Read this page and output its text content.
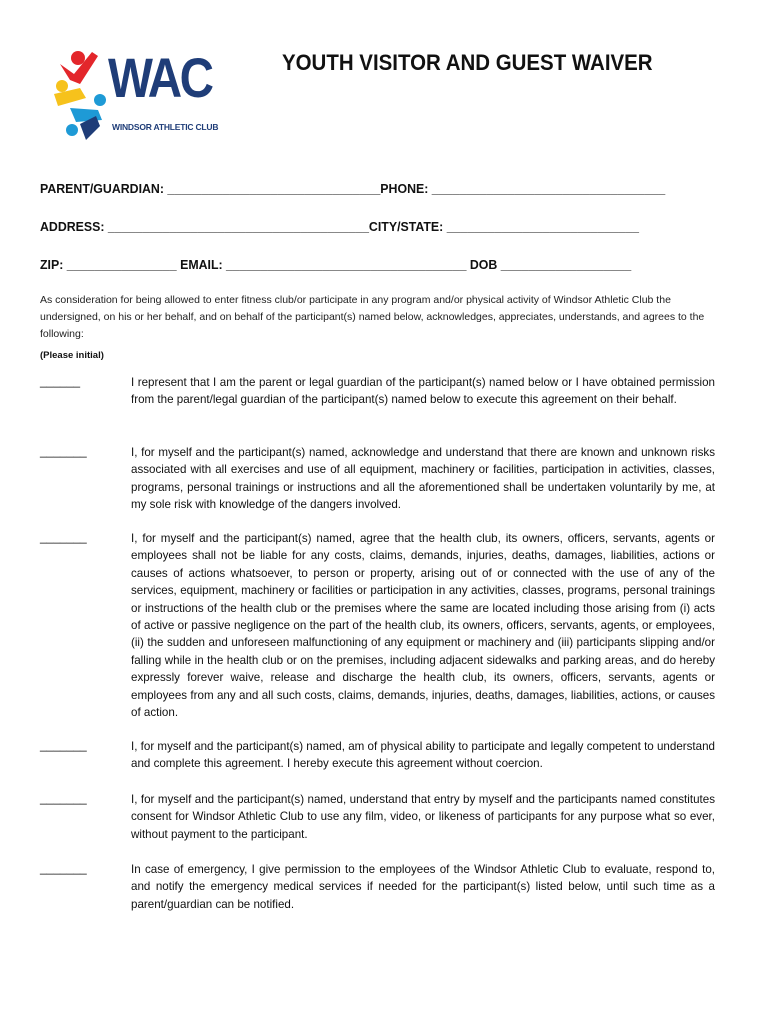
WAC
WINDSOR ATHLETIC CLUB
YOUTH VISITOR AND GUEST WAIVER
PARENT/GUARDIAN: _______________________________PHONE: __________________________________
ADDRESS: ______________________________________CITY/STATE: ____________________________
ZIP: ________________ EMAIL: ___________________________________ DOB ___________________
As consideration for being allowed to enter fitness club/or participate in any program and/or physical activity of Windsor Athletic Club the undersigned, on his or her behalf, and on behalf of the participant(s) named below, acknowledges, appreciates, understands, and agrees to the following:
(Please initial)
______	I represent that I am the parent or legal guardian of the participant(s) named below or I have obtained permission from the parent/legal guardian of the participant(s) named below to execute this agreement on their behalf.
_______	I, for myself and the participant(s) named, acknowledge and understand that there are known and unknown risks associated with all exercises and use of all equipment, machinery or facilities, participation in activities, classes, programs, personal trainings or instructions and all the aforementioned shall be undertaken voluntarily by me, at my sole risk with knowledge of the dangers involved.
_______	I, for myself and the participant(s) named, agree that the health club, its owners, officers, servants, agents or employees shall not be liable for any costs, claims, demands, injuries, deaths, damages, liabilities, actions or causes of actions whatsoever, to person or property, arising out of or connected with the use of any of the services, equipment, machinery or facilities or participation in any activities, classes, programs, personal trainings or instructions of the health club or the premises where the same are located including those arising from (i) acts of active or passive negligence on the part of the health club, its owners, officers, servants, agents, or employees, (ii) the sudden and unforeseen malfunctioning of any equipment or machinery and (iii) participants slipping and/or falling while in the health club or on the premises, including adjacent sidewalks and parking areas, and do hereby expressly forever waive, release and discharge the health club, its owners, officers, servants, agents or employees from any and all such costs, claims, demands, injuries, deaths, damages, liabilities, actions, or causes of action.
_______	I, for myself and the participant(s) named, am of physical ability to participate and legally competent to understand and complete this agreement. I hereby execute this agreement without coercion.
_______	I, for myself and the participant(s) named, understand that entry by myself and the participants named constitutes consent for Windsor Athletic Club to use any film, video, or likeness of participants for any purpose what so ever, without payment to the participant.
_______	In case of emergency, I give permission to the employees of the Windsor Athletic Club to evaluate, respond to, and notify the emergency medical services if needed for the participant(s) listed below, until such time as a parent/guardian can be notified.
